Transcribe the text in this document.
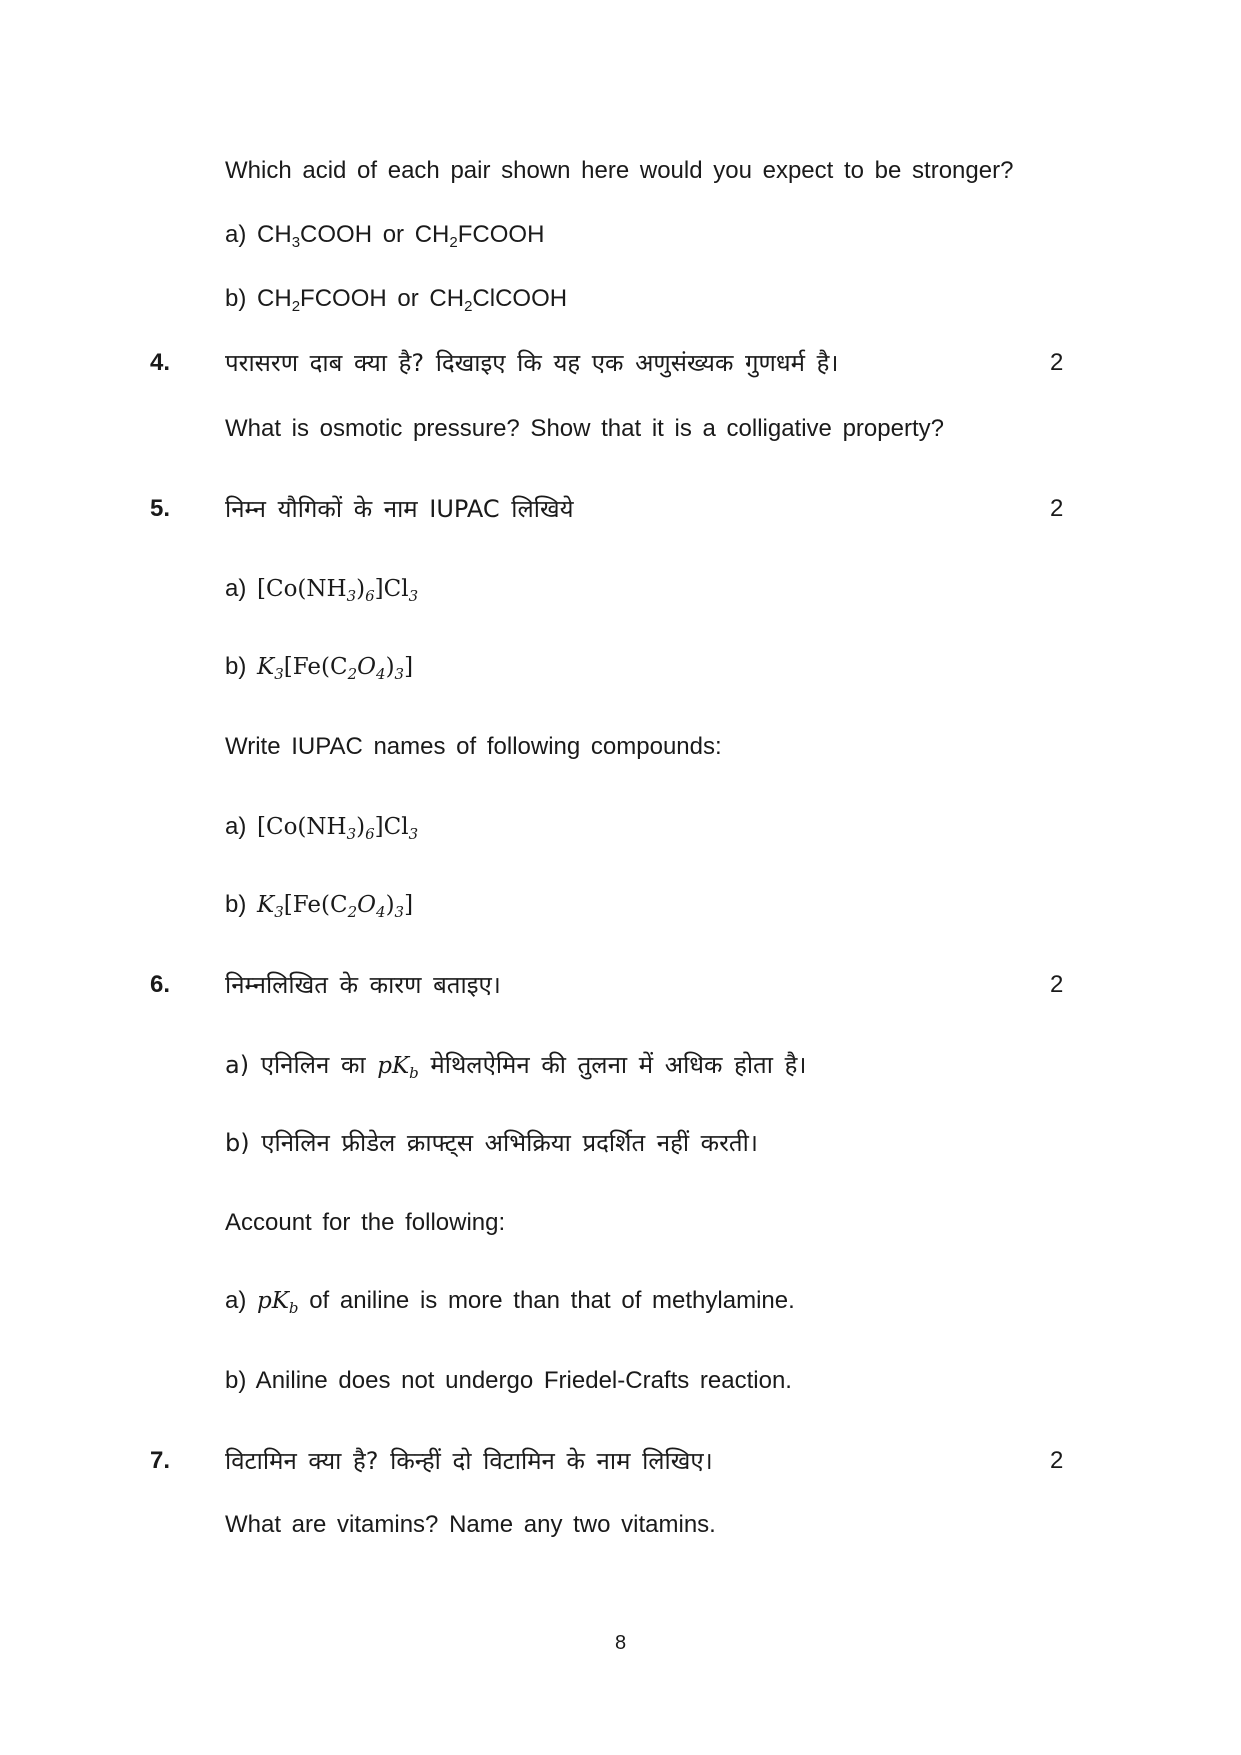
Which acid of each pair shown here would you expect to be stronger?
a) $CH_3COOH$ or $CH_2FCOOH$
b) $CH_2FCOOH$ or $CH_2ClCOOH$
4. परासरण दाब क्या है? दिखाइए कि यह एक अणुसंख्यक गुणधर्म है।	2
What is osmotic pressure? Show that it is a colligative property?
5. निम्न यौगिकों के नाम IUPAC लिखिये	2
a) $[Co(NH_3)_6]Cl_3$
b) $K_3[Fe(C_2O_4)_3]$
Write IUPAC names of following compounds:
a) $[Co(NH_3)_6]Cl_3$
b) $K_3[Fe(C_2O_4)_3]$
6. निम्नलिखित के कारण बताइए।	2
a) एनिलिन का $pK_b$ मेथिलऐमिन की तुलना में अधिक होता है।
b) एनिलिन फ्रीडेल क्राफ्ट्स अभिक्रिया प्रदर्शित नहीं करती।
Account for the following:
a) $pK_b$ of aniline is more than that of methylamine.
b) Aniline does not undergo Friedel-Crafts reaction.
7. विटामिन क्या है? किन्हीं दो विटामिन के नाम लिखिए।	2
What are vitamins? Name any two vitamins.
8
